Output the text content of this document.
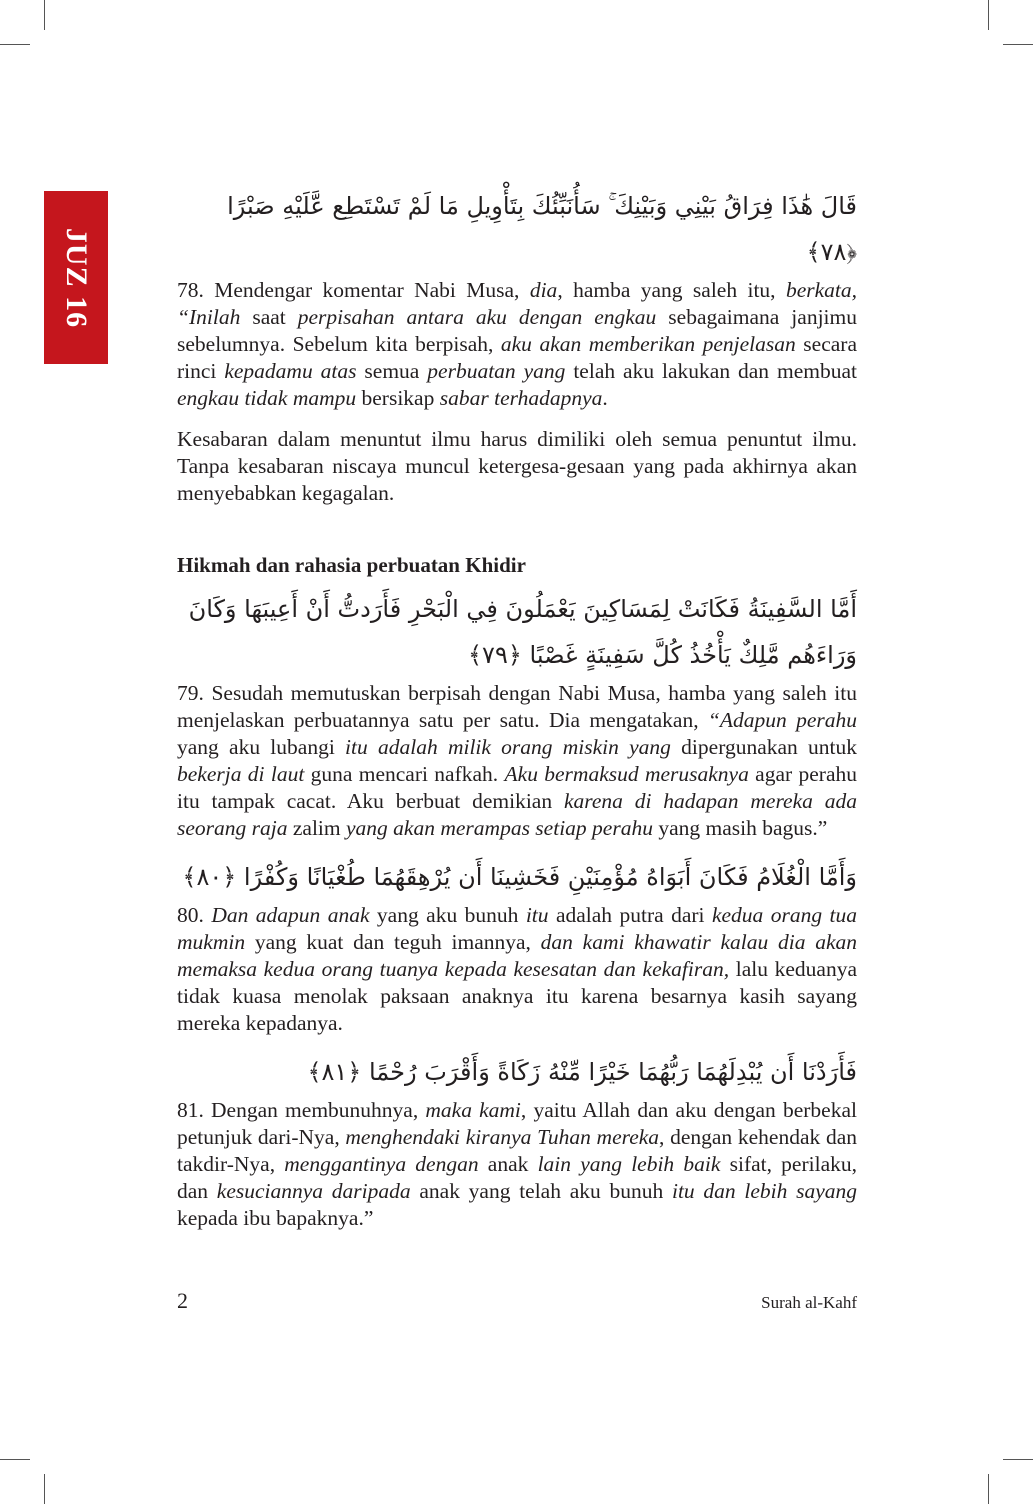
JUZ 16
قَالَ هَٰذَا فِرَاقُ بَيْنِي وَبَيْنِكَ ۚ سَأُنَبِّئُكَ بِتَأْوِيلِ مَا لَمْ تَسْتَطِع عَّلَيْهِ صَبْرًا ﴿٧٨﴾

78. Mendengar komentar Nabi Musa, dia, hamba yang saleh itu, berkata, “Inilah saat perpisahan antara aku dengan engkau sebagaimana janjimu sebelumnya. Sebelum kita berpisah, aku akan memberikan penjelasan secara rinci kepadamu atas semua perbuatan yang telah aku lakukan dan membuat engkau tidak mampu bersikap sabar terhadapnya.

Kesabaran dalam menuntut ilmu harus dimiliki oleh semua penuntut ilmu. Tanpa kesabaran niscaya muncul ketergesa-gesaan yang pada akhirnya akan menyebabkan kegagalan.

Hikmah dan rahasia perbuatan Khidir
أَمَّا السَّفِينَةُ فَكَانَتْ لِمَسَاكِينَ يَعْمَلُونَ فِي الْبَحْرِ فَأَرَدتُّ أَنْ أَعِيبَهَا وَكَانَ وَرَاءَهُم مَّلِكٌ يَأْخُذُ كُلَّ سَفِينَةٍ غَصْبًا ﴿٧٩﴾

79. Sesudah memutuskan berpisah dengan Nabi Musa, hamba yang saleh itu menjelaskan perbuatannya satu per satu. Dia mengatakan, “Adapun perahu yang aku lubangi itu adalah milik orang miskin yang dipergunakan untuk bekerja di laut guna mencari nafkah. Aku bermaksud merusaknya agar perahu itu tampak cacat. Aku berbuat demikian karena di hadapan mereka ada seorang raja zalim yang akan merampas setiap perahu yang masih bagus.”

وَأَمَّا الْغُلَامُ فَكَانَ أَبَوَاهُ مُؤْمِنَيْنِ فَخَشِينَا أَن يُرْهِقَهُمَا طُغْيَانًا وَكُفْرًا ﴿٨٠﴾

80. Dan adapun anak yang aku bunuh itu adalah putra dari kedua orang tua mukmin yang kuat dan teguh imannya, dan kami khawatir kalau dia akan memaksa kedua orang tuanya kepada kesesatan dan kekafiran, lalu keduanya tidak kuasa menolak paksaan anaknya itu karena besarnya kasih sayang mereka kepadanya.

فَأَرَدْنَا أَن يُبْدِلَهُمَا رَبُّهُمَا خَيْرًا مِّنْهُ زَكَاةً وَأَقْرَبَ رُحْمًا ﴿٨١﴾

81. Dengan membunuhnya, maka kami, yaitu Allah dan aku dengan berbekal petunjuk dari-Nya, menghendaki kiranya Tuhan mereka, dengan kehendak dan takdir-Nya, menggantinya dengan anak lain yang lebih baik sifat, perilaku, dan kesuciannya daripada anak yang telah aku bunuh itu dan lebih sayang kepada ibu bapaknya.”

2	Surah al-Kahf
